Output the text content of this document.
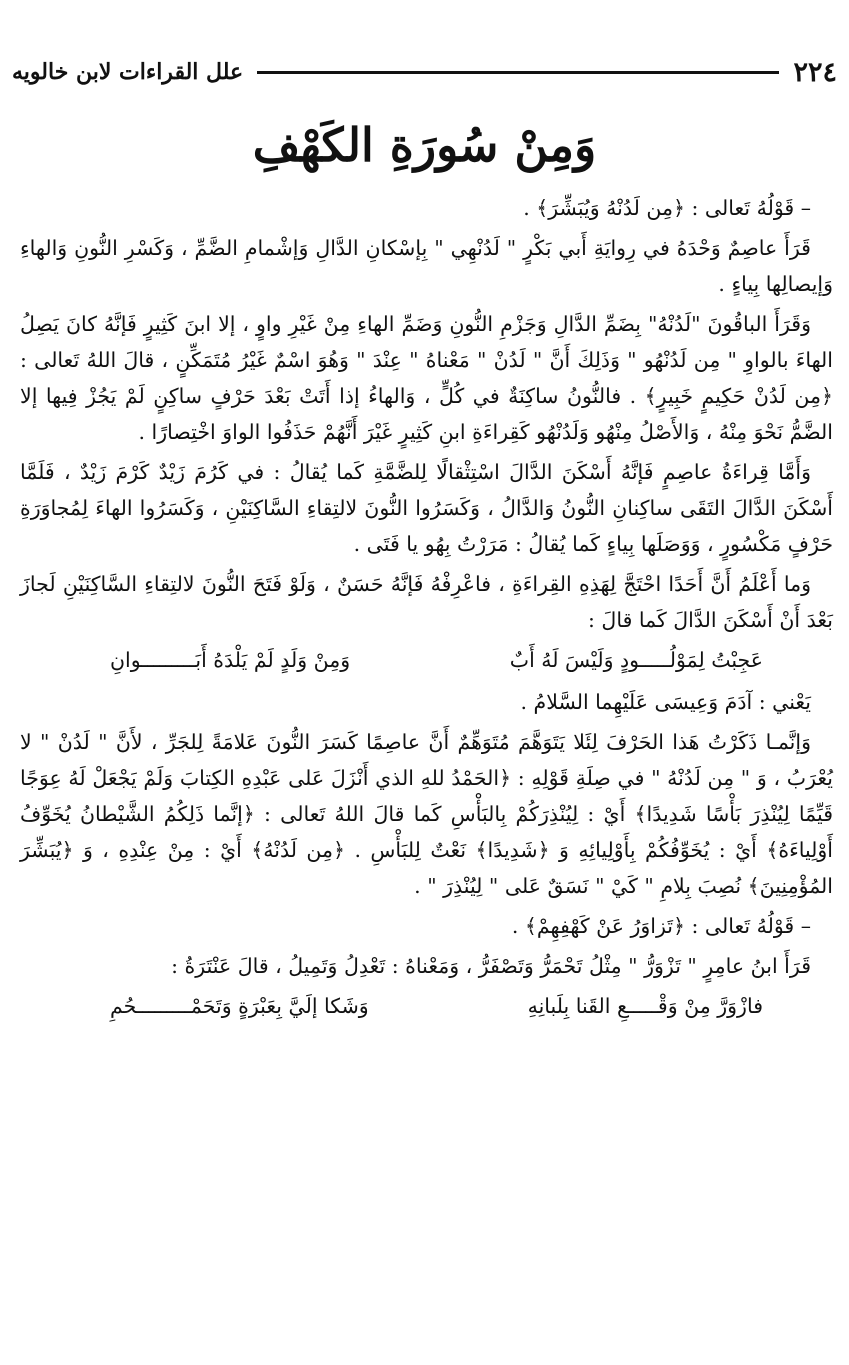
٢٢٤
علل القراءات لابن خالويه
وَمِنْ سُورَةِ الكَهْفِ

– قَوْلُهُ تَعالى : ﴿مِن لَدُنْهُ وَيُبَشِّرَ﴾ .

قَرَأَ عاصِمٌ وَحْدَهُ في رِوايَةِ أَبي بَكْرٍ " لَدُنْهِي " بِإسْكانِ الدَّالِ وَإشْمامِ الضَّمِّ ، وَكَسْرِ النُّونِ وَالهاءِ وَإيصالِها بِياءٍ .

وَقَرَأَ الباقُونَ "لَدُنْهُ" بِضَمِّ الدَّالِ وَجَزْمِ النُّونِ وَضَمِّ الهاءِ مِنْ غَيْرِ واوٍ ، إلا ابنَ كَثِيرٍ فَإنَّهُ كانَ يَصِلُ الهاءَ بالواوِ " مِن لَدُنْهُو " وَذَلِكَ أَنَّ " لَدُنْ " مَعْناهُ " عِنْدَ " وَهُوَ اسْمٌ غَيْرُ مُتَمَكِّنٍ ، قالَ اللهُ تَعالى : ﴿مِن لَدُنْ حَكِيمٍ خَبِيرٍ﴾ . فالنُّونُ ساكِنَةٌ في كُلٍّ ، وَالهاءُ إذا أَتَتْ بَعْدَ حَرْفٍ ساكِنٍ لَمْ يَجُزْ فِيها إلا الضَّمُّ نَحْوَ مِنْهُ ، وَالأَصْلُ مِنْهُو وَلَدُنْهُو كَقِراءَةِ ابنِ كَثِيرٍ غَيْرَ أَنَّهُمْ حَذَفُوا الواوَ اخْتِصارًا .

وَأَمَّا قِراءَةُ عاصِمٍ فَإنَّهُ أَسْكَنَ الدَّالَ اسْتِثْقالًا لِلضَّمَّةِ كَما يُقالُ : في كَرُمَ زَيْدٌ كَرْمَ زَيْدٌ ، فَلَمَّا أَسْكَنَ الدَّالَ التَقَى ساكِنانِ النُّونُ وَالدَّالُ ، وَكَسَرُوا النُّونَ لالتِقاءِ السَّاكِنَيْنِ ، وَكَسَرُوا الهاءَ لِمُجاوَرَةِ حَرْفٍ مَكْسُورٍ ، وَوَصَلَها بِياءٍ كَما يُقالُ : مَرَرْتُ بِهُو يا فَتَى .

وَما أَعْلَمُ أَنَّ أَحَدًا احْتَجَّ لِهَذِهِ القِراءَةِ ، فاعْرِفْهُ فَإنَّهُ حَسَنٌ ، وَلَوْ فَتَحَ النُّونَ لالتِقاءِ السَّاكِنَيْنِ لَجازَ بَعْدَ أَنْ أَسْكَنَ الدَّالَ كَما قالَ :

عَجِبْتُ لِمَوْلُـــــودٍ وَلَيْسَ لَهُ أَبٌ
وَمِنْ وَلَدٍ لَمْ يَلْدَهُ أَبَـــــــــوانِ

يَعْني : آدَمَ وَعِيسَى عَلَيْهِما السَّلامُ .

وَإنَّمـا ذَكَرْتُ هَذا الحَرْفَ لِئَلا يَتَوَهَّمَ مُتَوَهِّمٌ أَنَّ عاصِمًا كَسَرَ النُّونَ عَلامَةً لِلجَرِّ ، لأَنَّ " لَدُنْ " لا يُعْرَبُ ، وَ " مِن لَدُنْهُ " في صِلَةِ قَوْلِهِ : ﴿الحَمْدُ للهِ الذي أَنْزَلَ عَلى عَبْدِهِ الكِتابَ وَلَمْ يَجْعَلْ لَهُ عِوَجًا قَيِّمًا لِيُنْذِرَ بَأْسًا شَدِيدًا﴾ أَيْ : لِيُنْذِرَكُمْ بِالبَأْسِ كَما قالَ اللهُ تَعالى : ﴿إنَّما ذَلِكُمُ الشَّيْطانُ يُخَوِّفُ أَوْلِياءَهُ﴾ أَيْ : يُخَوِّفُكُمْ بِأَوْلِيائِهِ وَ ﴿شَدِيدًا﴾ نَعْتٌ لِلبَأْسِ . ﴿مِن لَدُنْهُ﴾ أَيْ : مِنْ عِنْدِهِ ، وَ ﴿يُبَشِّرَ المُؤْمِنِينَ﴾ نُصِبَ بِلامِ " كَيْ " نَسَقٌ عَلى " لِيُنْذِرَ " .

– قَوْلُهُ تَعالى : ﴿تَزاوَرُ عَنْ كَهْفِهِمْ﴾ .

قَرَأَ ابنُ عامِرٍ " تَزْوَرُّ " مِثْلُ تَحْمَرُّ وَتَصْفَرُّ ، وَمَعْناهُ : تَعْدِلُ وَتَمِيلُ ، قالَ عَنْتَرَةُ :

فازْوَرَّ مِنْ وَقْـــــعِ القَنا بِلَبانِهِ
وَشَكا إلَيَّ بِعَبْرَةٍ وَتَحَمْـــــــــحُمِ
